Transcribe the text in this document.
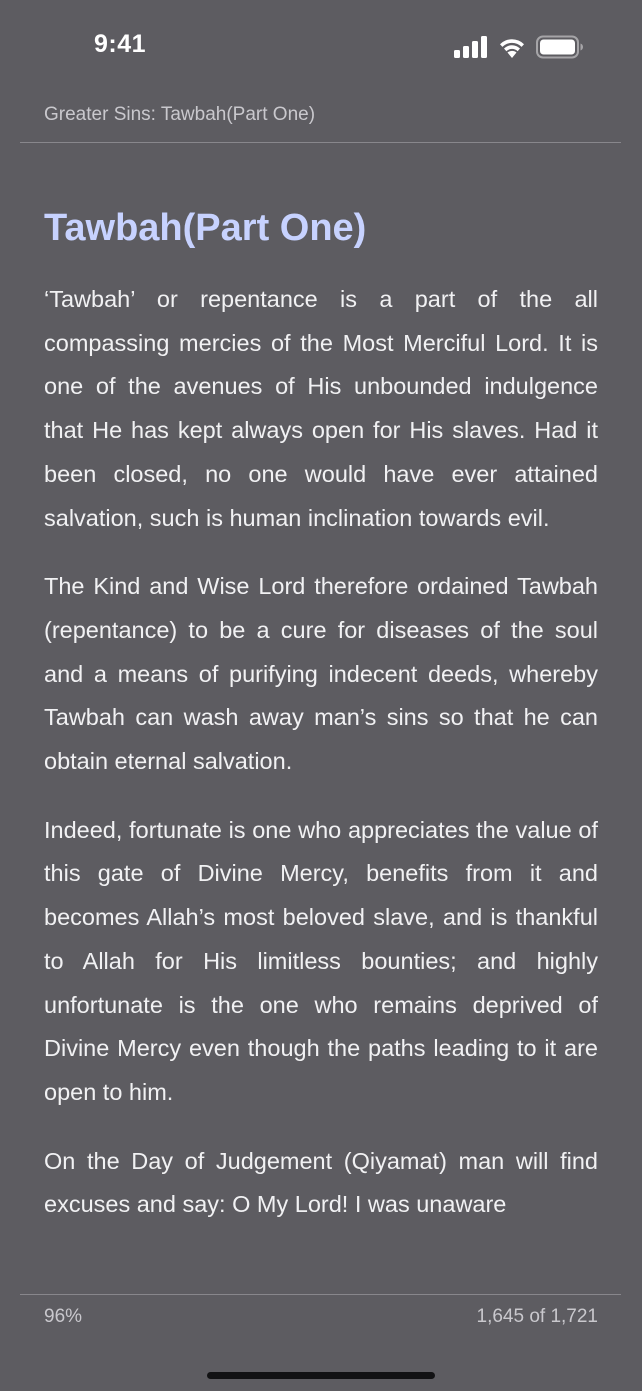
9:41
Greater Sins: Tawbah(Part One)
Tawbah(Part One)

‘Tawbah’ or repentance is a part of the all compassing mercies of the Most Merciful Lord. It is one of the avenues of His unbounded indulgence that He has kept always open for His slaves. Had it been closed, no one would have ever attained salvation, such is human inclination towards evil.

The Kind and Wise Lord therefore ordained Tawbah (repentance) to be a cure for diseases of the soul and a means of purifying indecent deeds, whereby Tawbah can wash away man’s sins so that he can obtain eternal salvation.

Indeed, fortunate is one who appreciates the value of this gate of Divine Mercy, benefits from it and becomes Allah’s most beloved slave, and is thankful to Allah for His limitless bounties; and highly unfortunate is the one who remains deprived of Divine Mercy even though the paths leading to it are open to him.

On the Day of Judgement (Qiyamat) man will find excuses and say: O My Lord! I was unaware

96%	1,645 of 1,721
